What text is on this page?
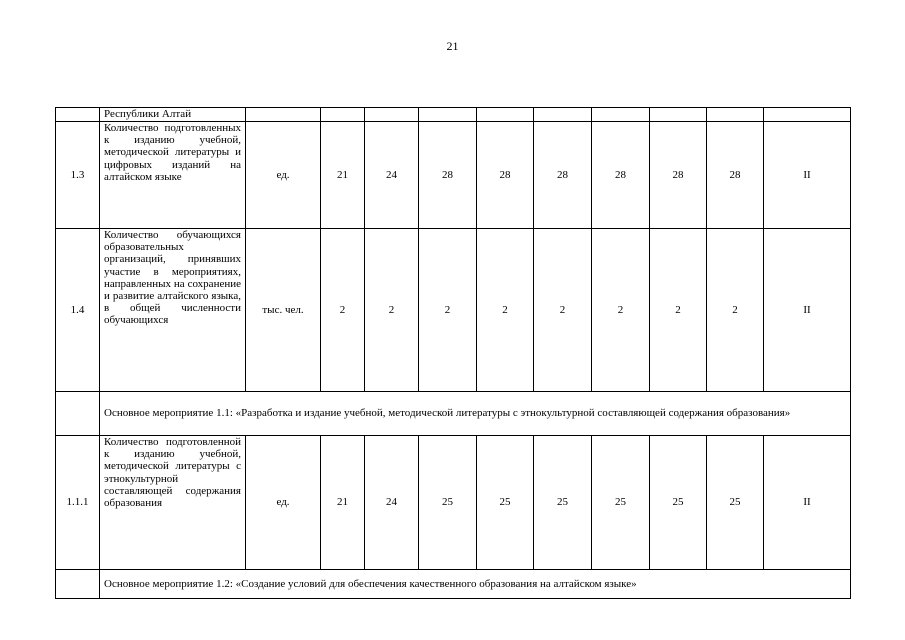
21
	Республики Алтай										
1.3	Количество подготовленных к изданию учебной, методической литературы и цифровых изданий на алтайском языке	ед.	21	24	28	28	28	28	28	28	II
1.4	Количество обучающихся образовательных организаций, принявших участие в мероприятиях, направленных на сохранение и развитие алтайского языка, в общей численности обучающихся	тыс. чел.	2	2	2	2	2	2	2	2	II
	Основное мероприятие 1.1: «Разработка и издание учебной, методической литературы с этнокультурной составляющей содержания образования»										
1.1.1	Количество подготовленной к изданию учебной, методической литературы с этнокультурной составляющей содержания образования	ед.	21	24	25	25	25	25	25	25	II
	Основное мероприятие 1.2: «Создание условий для обеспечения качественного образования на алтайском языке»										
